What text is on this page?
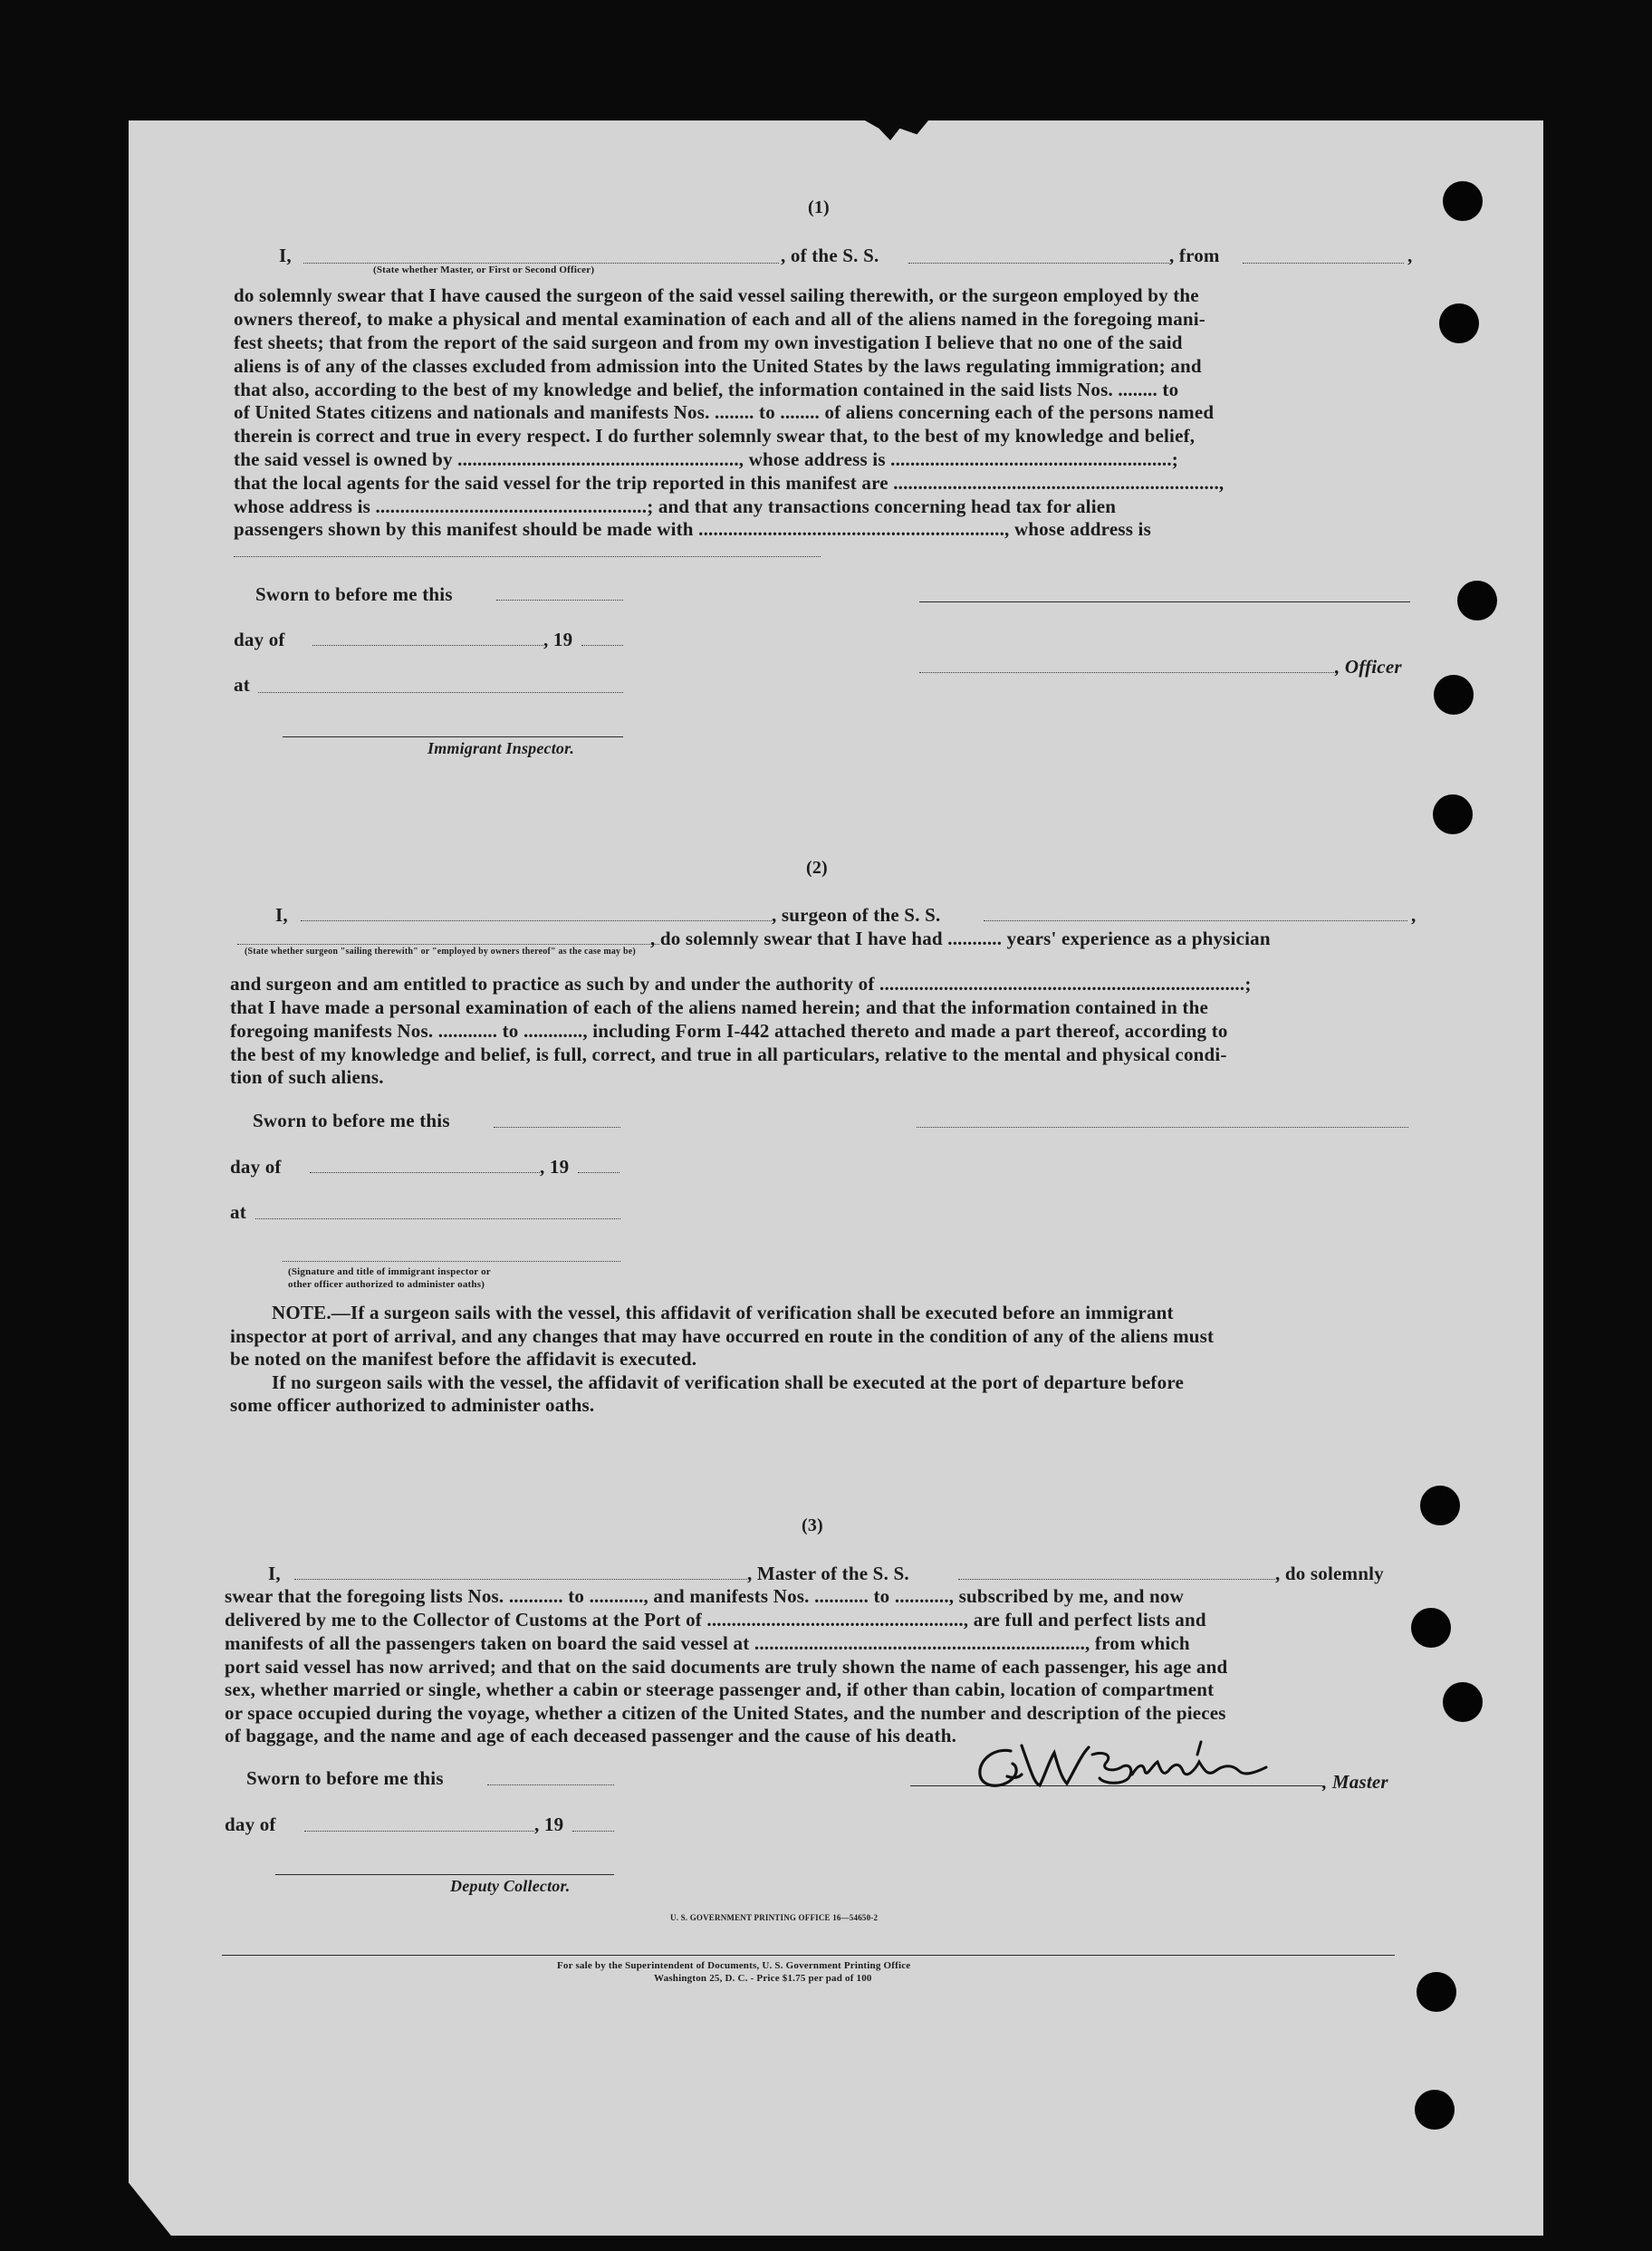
(1)
I,	, of the S. S.	, from	,
(State whether Master, or First or Second Officer)
do solemnly swear that I have caused the surgeon of the said vessel sailing therewith, or the surgeon employed by the
owners thereof, to make a physical and mental examination of each and all of the aliens named in the foregoing mani-
fest sheets; that from the report of the said surgeon and from my own investigation I believe that no one of the said
aliens is of any of the classes excluded from admission into the United States by the laws regulating immigration; and
that also, according to the best of my knowledge and belief, the information contained in the said lists Nos. ........ to
of United States citizens and nationals and manifests Nos. ........ to ........ of aliens concerning each of the persons named
therein is correct and true in every respect. I do further solemnly swear that, to the best of my knowledge and belief,
the said vessel is owned by ........................................................., whose address is .........................................................;
that the local agents for the said vessel for the trip reported in this manifest are ..................................................................,
whose address is .......................................................; and that any transactions concerning head tax for alien
passengers shown by this manifest should be made with .............................................................., whose address is
Sworn to before me this
day of	, 19
, Officer
at
Immigrant Inspector.
(2)
I,	, surgeon of the S. S.	,
, do solemnly swear that I have had ........... years' experience as a physician
(State whether surgeon "sailing therewith" or "employed by owners thereof" as the case may be)
and surgeon and am entitled to practice as such by and under the authority of ..........................................................................;
that I have made a personal examination of each of the aliens named herein; and that the information contained in the
foregoing manifests Nos. ............ to ............, including Form I-442 attached thereto and made a part thereof, according to
the best of my knowledge and belief, is full, correct, and true in all particulars, relative to the mental and physical condi-
tion of such aliens.
Sworn to before me this
day of	, 19
at
(Signature and title of immigrant inspector or
other officer authorized to administer oaths)
NOTE.—If a surgeon sails with the vessel, this affidavit of verification shall be executed before an immigrant
inspector at port of arrival, and any changes that may have occurred en route in the condition of any of the aliens must
be noted on the manifest before the affidavit is executed.
If no surgeon sails with the vessel, the affidavit of verification shall be executed at the port of departure before
some officer authorized to administer oaths.
(3)
I,	, Master of the S. S.	, do solemnly
swear that the foregoing lists Nos. ........... to ..........., and manifests Nos. ........... to ..........., subscribed by me, and now
delivered by me to the Collector of Customs at the Port of ...................................................., are full and perfect lists and
manifests of all the passengers taken on board the said vessel at ..................................................................., from which
port said vessel has now arrived; and that on the said documents are truly shown the name of each passenger, his age and
sex, whether married or single, whether a cabin or steerage passenger and, if other than cabin, location of compartment
or space occupied during the voyage, whether a citizen of the United States, and the number and description of the pieces
of baggage, and the name and age of each deceased passenger and the cause of his death.
Sworn to before me this	, Master
day of	, 19
Deputy Collector.
U. S. GOVERNMENT PRINTING OFFICE 16—54650-2
For sale by the Superintendent of Documents, U. S. Government Printing Office
Washington 25, D. C. - Price $1.75 per pad of 100
